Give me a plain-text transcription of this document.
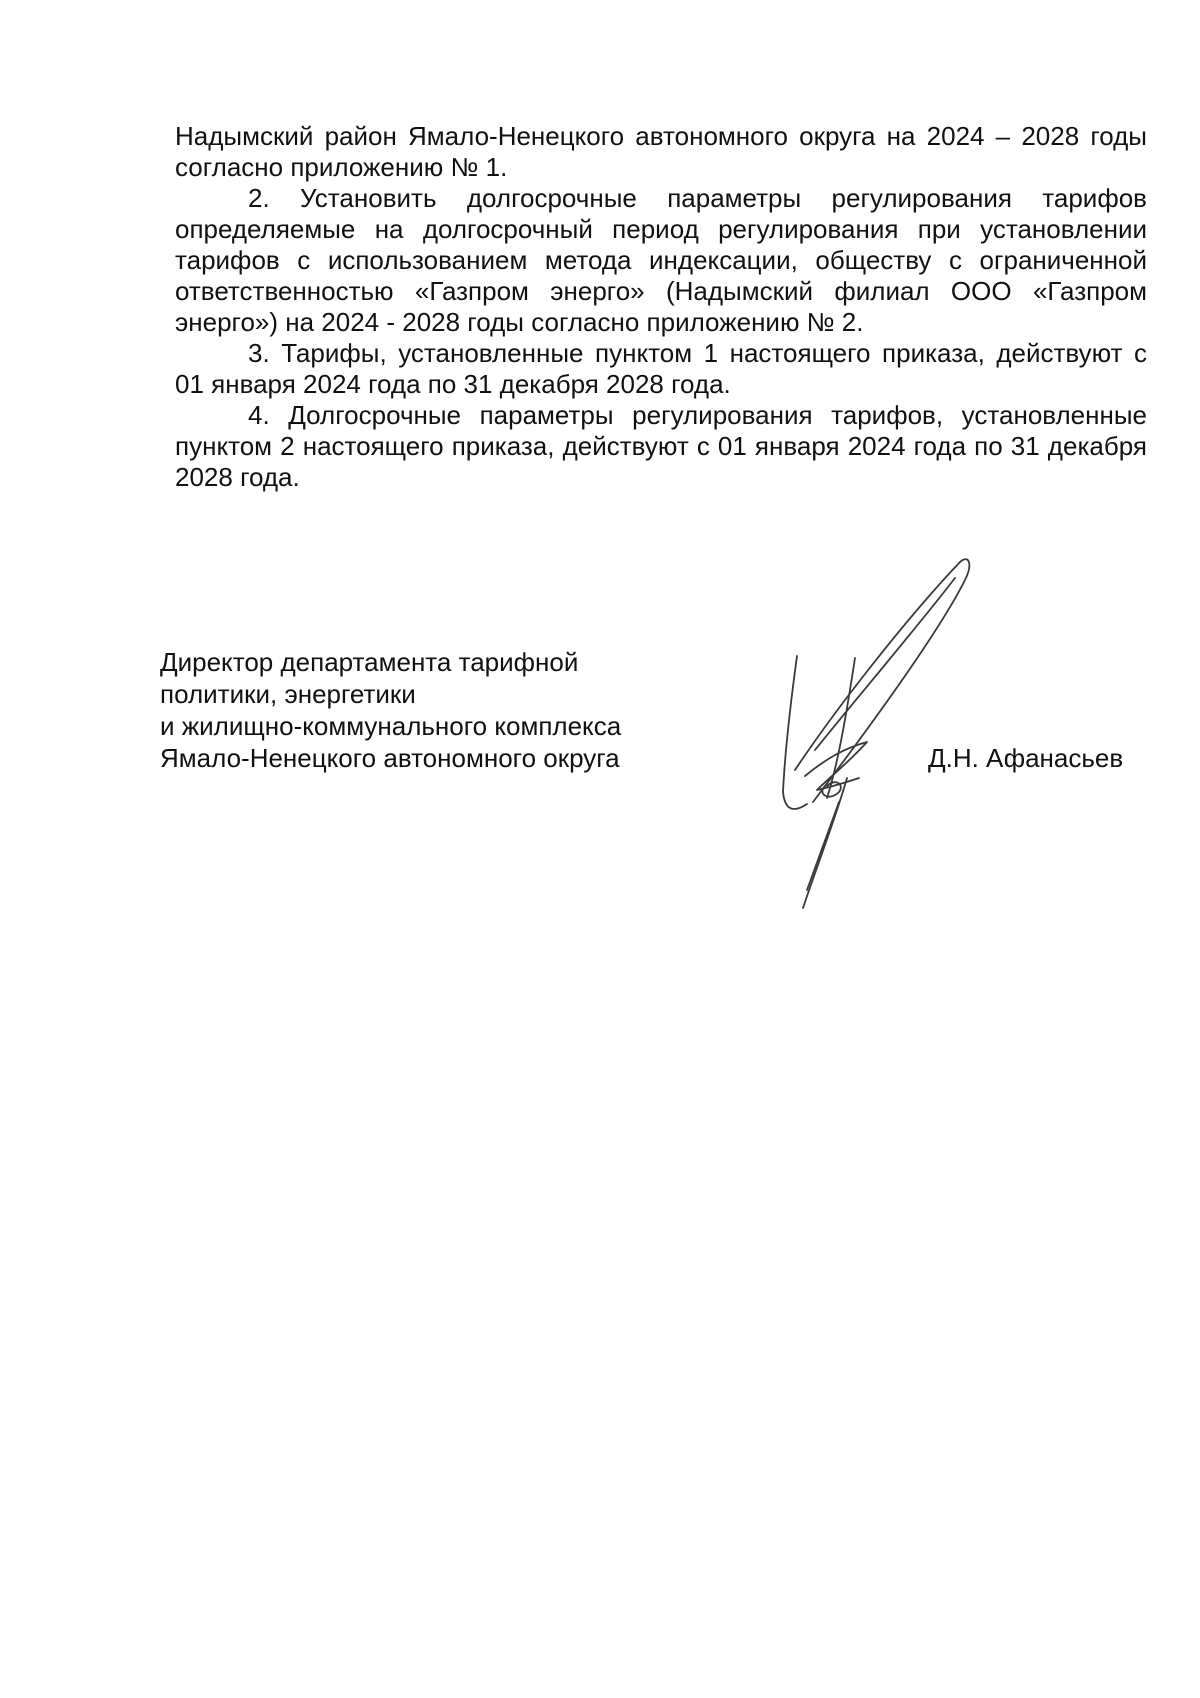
Надымский район Ямало-Ненецкого автономного округа на 2024 – 2028 годы согласно приложению № 1.

2. Установить долгосрочные параметры регулирования тарифов определяемые на долгосрочный период регулирования при установлении тарифов с использованием метода индексации, обществу с ограниченной ответственностью «Газпром энерго» (Надымский филиал ООО «Газпром энерго») на 2024 - 2028 годы согласно приложению № 2.

3. Тарифы, установленные пунктом 1 настоящего приказа, действуют с 01 января 2024 года по 31 декабря 2028 года.

4. Долгосрочные параметры регулирования тарифов, установленные пунктом 2 настоящего приказа, действуют с 01 января 2024 года по 31 декабря 2028 года.

Директор департамента тарифной
политики, энергетики
и жилищно-коммунального комплекса
Ямало-Ненецкого автономного округа	Д.Н. Афанасьев
